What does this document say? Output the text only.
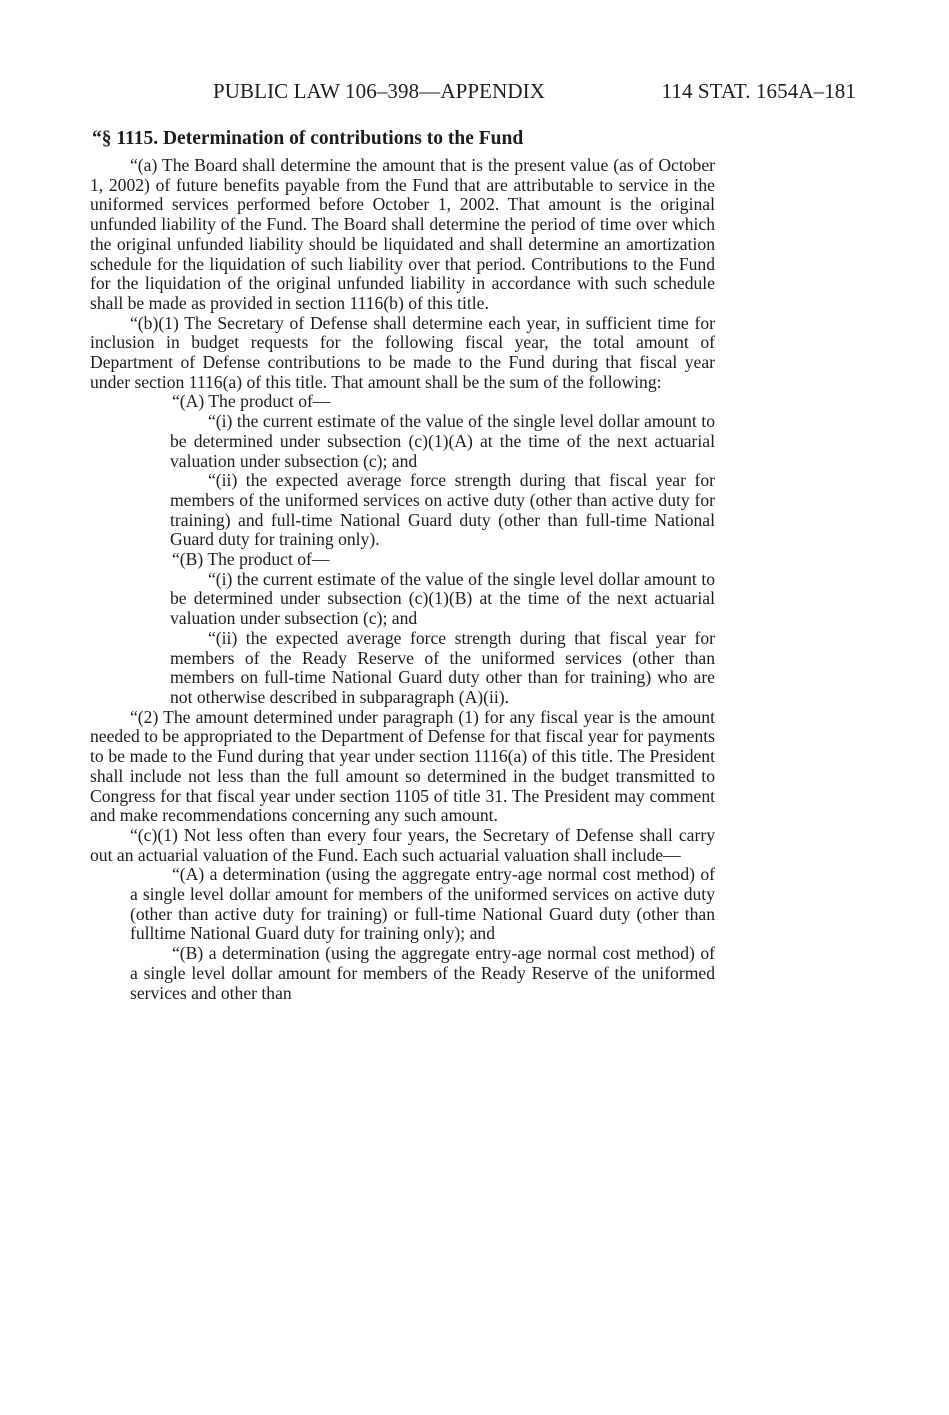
PUBLIC LAW 106–398—APPENDIX	114 STAT. 1654A–181
“§ 1115. Determination of contributions to the Fund

“(a) The Board shall determine the amount that is the present value (as of October 1, 2002) of future benefits payable from the Fund that are attributable to service in the uniformed services performed before October 1, 2002. That amount is the original unfunded liability of the Fund. The Board shall determine the period of time over which the original unfunded liability should be liquidated and shall determine an amortization schedule for the liquidation of such liability over that period. Contributions to the Fund for the liquidation of the original unfunded liability in accordance with such schedule shall be made as provided in section 1116(b) of this title.

“(b)(1) The Secretary of Defense shall determine each year, in sufficient time for inclusion in budget requests for the following fiscal year, the total amount of Department of Defense contributions to be made to the Fund during that fiscal year under section 1116(a) of this title. That amount shall be the sum of the following:

“(A) The product of—

“(i) the current estimate of the value of the single level dollar amount to be determined under subsection (c)(1)(A) at the time of the next actuarial valuation under subsection (c); and

“(ii) the expected average force strength during that fiscal year for members of the uniformed services on active duty (other than active duty for training) and full-time National Guard duty (other than full-time National Guard duty for training only).

“(B) The product of—

“(i) the current estimate of the value of the single level dollar amount to be determined under subsection (c)(1)(B) at the time of the next actuarial valuation under subsection (c); and

“(ii) the expected average force strength during that fiscal year for members of the Ready Reserve of the uniformed services (other than members on full-time National Guard duty other than for training) who are not otherwise described in subparagraph (A)(ii).

“(2) The amount determined under paragraph (1) for any fiscal year is the amount needed to be appropriated to the Department of Defense for that fiscal year for payments to be made to the Fund during that year under section 1116(a) of this title. The President shall include not less than the full amount so determined in the budget transmitted to Congress for that fiscal year under section 1105 of title 31. The President may comment and make recommendations concerning any such amount.

“(c)(1) Not less often than every four years, the Secretary of Defense shall carry out an actuarial valuation of the Fund. Each such actuarial valuation shall include—

“(A) a determination (using the aggregate entry-age normal cost method) of a single level dollar amount for members of the uniformed services on active duty (other than active duty for training) or full-time National Guard duty (other than fulltime National Guard duty for training only); and

“(B) a determination (using the aggregate entry-age normal cost method) of a single level dollar amount for members of the Ready Reserve of the uniformed services and other than
